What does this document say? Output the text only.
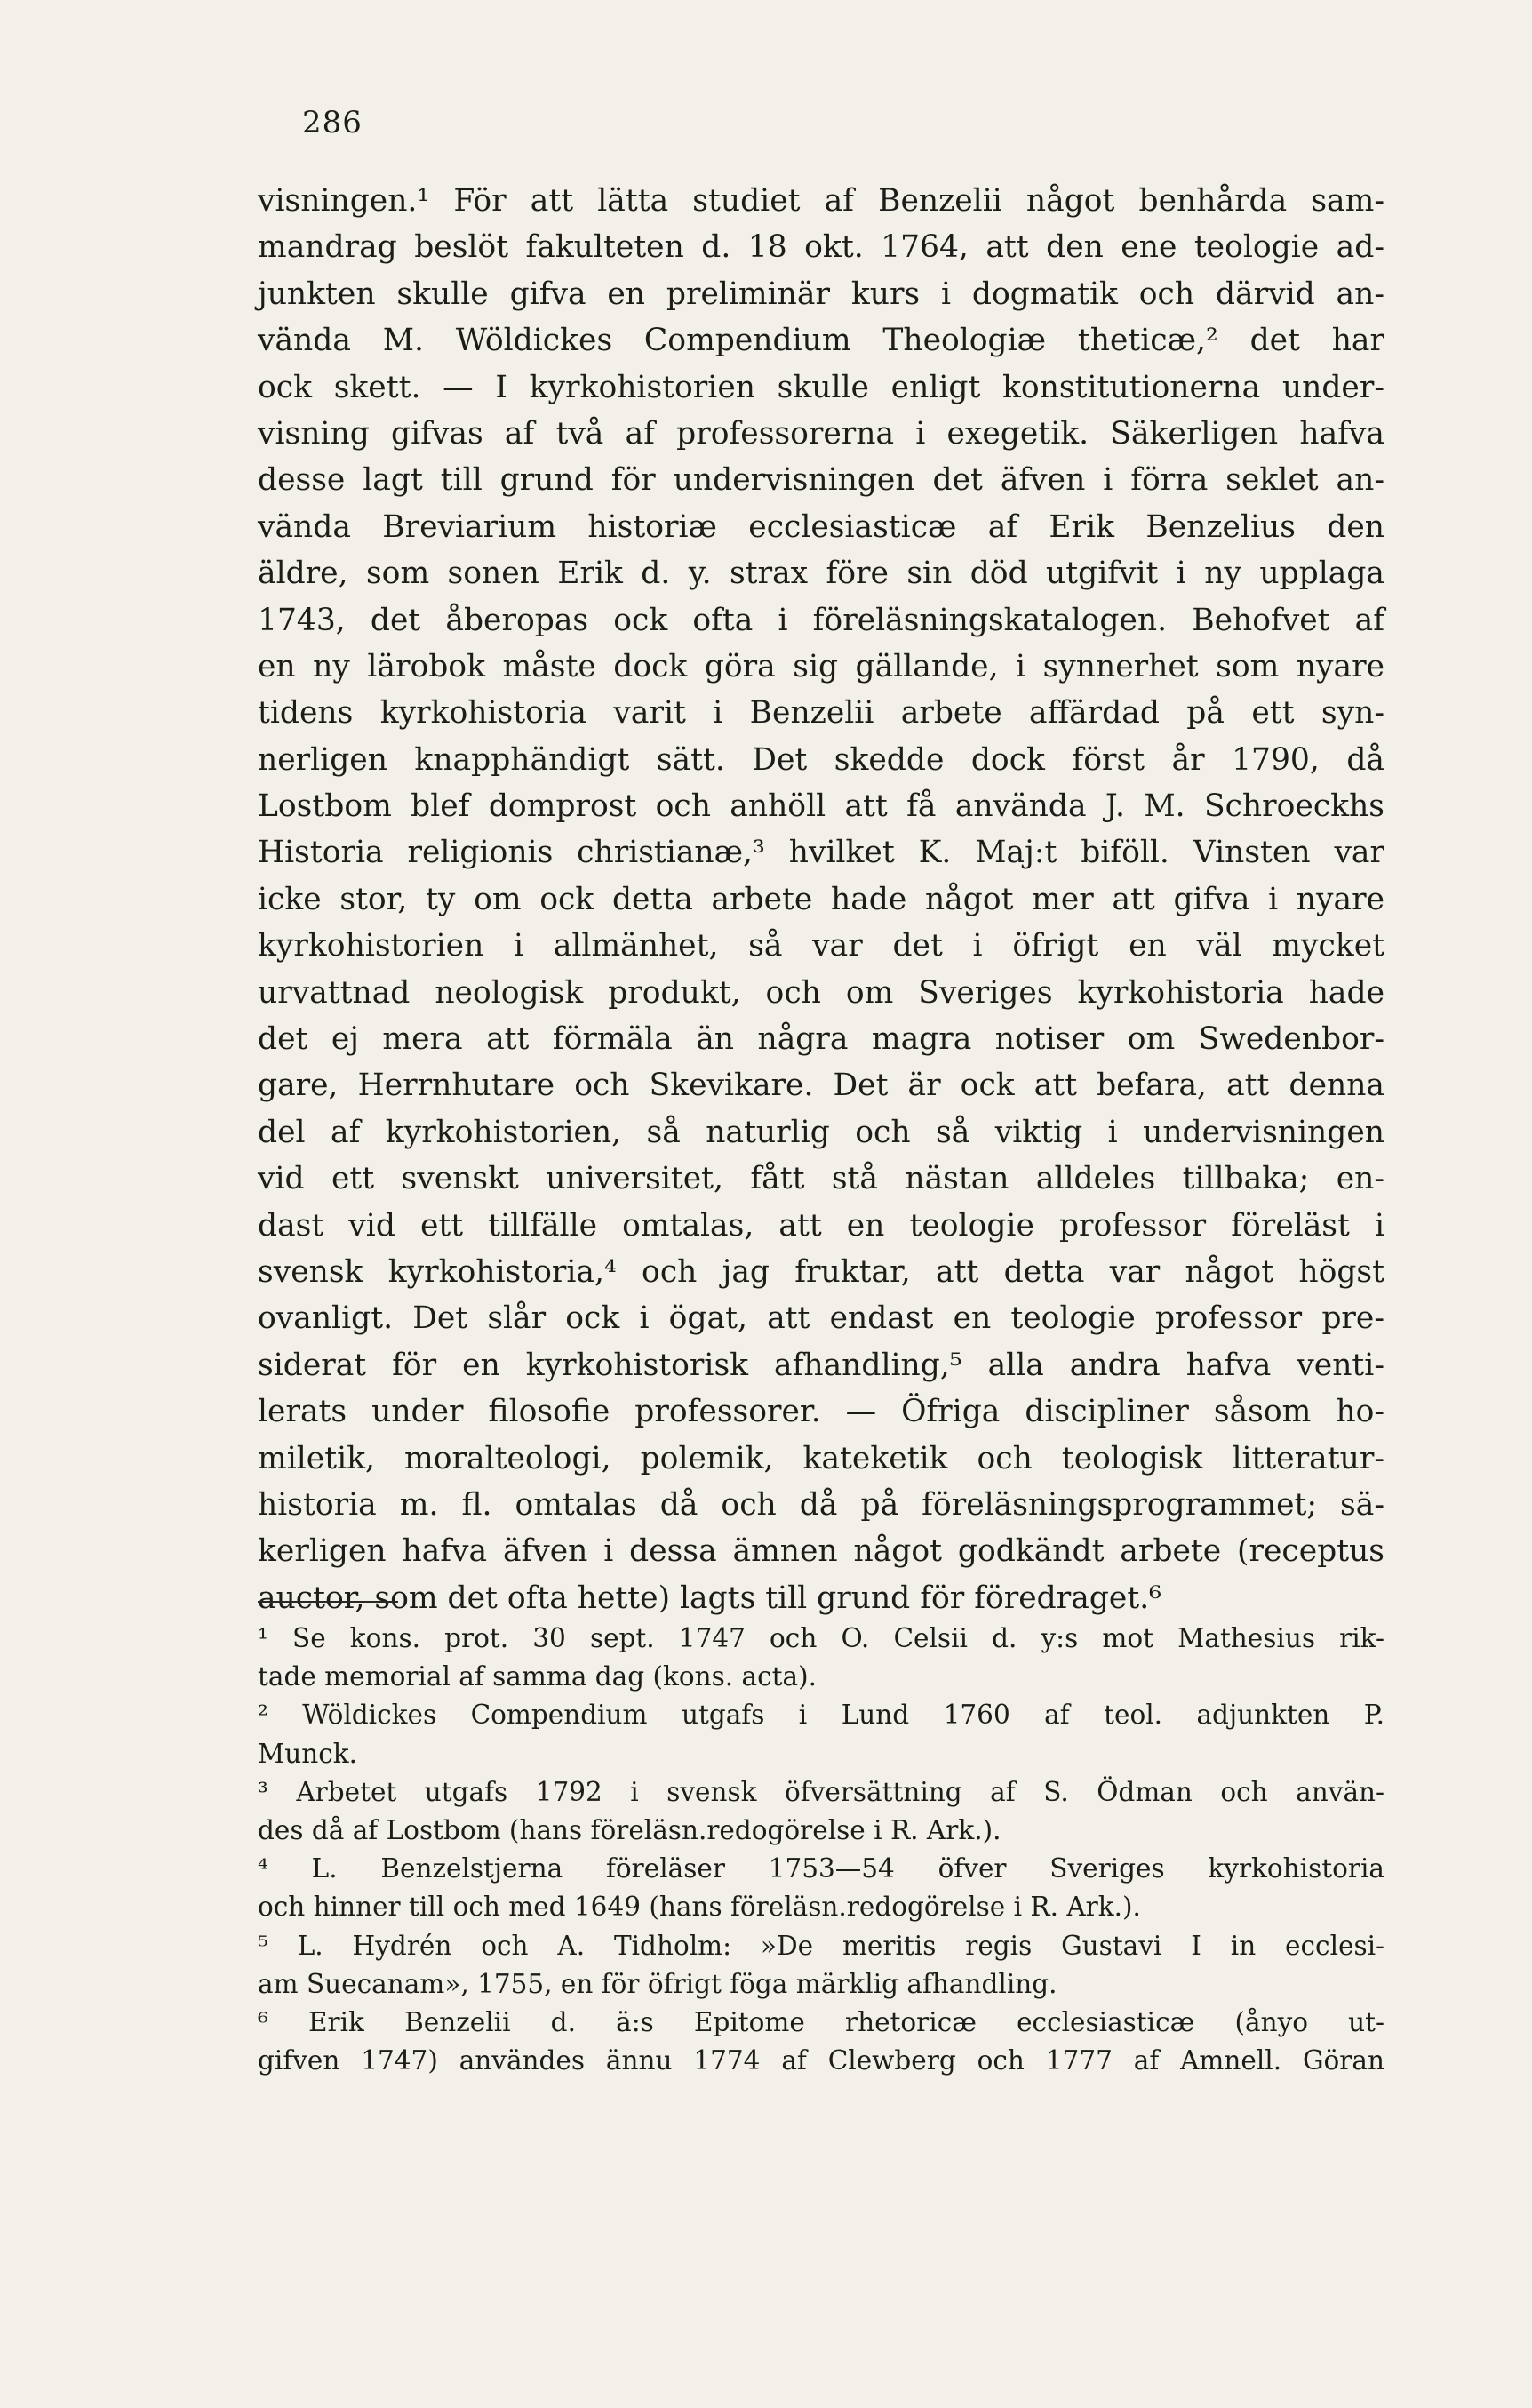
286
visningen.¹ För att lätta studiet af Benzelii något benhårda sam-
mandrag beslöt fakulteten d. 18 okt. 1764, att den ene teologie ad-
junkten skulle gifva en preliminär kurs i dogmatik och därvid an-
vända M. Wöldickes Compendium Theologiæ theticæ,² det har
ock skett. — I kyrkohistorien skulle enligt konstitutionerna under-
visning gifvas af två af professorerna i exegetik. Säkerligen hafva
desse lagt till grund för undervisningen det äfven i förra seklet an-
vända Breviarium historiæ ecclesiasticæ af Erik Benzelius den
äldre, som sonen Erik d. y. strax före sin död utgifvit i ny upplaga
1743, det åberopas ock ofta i föreläsningskatalogen. Behofvet af
en ny lärobok måste dock göra sig gällande, i synnerhet som nyare
tidens kyrkohistoria varit i Benzelii arbete affärdad på ett syn-
nerligen knapphändigt sätt. Det skedde dock först år 1790, då
Lostbom blef domprost och anhöll att få använda J. M. Schroeckhs
Historia religionis christianæ,³ hvilket K. Maj:t biföll. Vinsten var
icke stor, ty om ock detta arbete hade något mer att gifva i nyare
kyrkohistorien i allmänhet, så var det i öfrigt en väl mycket
urvattnad neologisk produkt, och om Sveriges kyrkohistoria hade
det ej mera att förmäla än några magra notiser om Swedenbor-
gare, Herrnhutare och Skevikare. Det är ock att befara, att denna
del af kyrkohistorien, så naturlig och så viktig i undervisningen
vid ett svenskt universitet, fått stå nästan alldeles tillbaka; en-
dast vid ett tillfälle omtalas, att en teologie professor föreläst i
svensk kyrkohistoria,⁴ och jag fruktar, att detta var något högst
ovanligt. Det slår ock i ögat, att endast en teologie professor pre-
siderat för en kyrkohistorisk afhandling,⁵ alla andra hafva venti-
lerats under filosofie professorer. — Öfriga discipliner såsom ho-
miletik, moralteologi, polemik, kateketik och teologisk litteratur-
historia m. fl. omtalas då och då på föreläsningsprogrammet; sä-
kerligen hafva äfven i dessa ämnen något godkändt arbete (receptus
auctor, som det ofta hette) lagts till grund för föredraget.⁶
¹ Se kons. prot. 30 sept. 1747 och O. Celsii d. y:s mot Mathesius rik-
tade memorial af samma dag (kons. acta).
² Wöldickes Compendium utgafs i Lund 1760 af teol. adjunkten P.
Munck.
³ Arbetet utgafs 1792 i svensk öfversättning af S. Ödman och använ-
des då af Lostbom (hans föreläsn.redogörelse i R. Ark.).
⁴ L. Benzelstjerna föreläser 1753—54 öfver Sveriges kyrkohistoria
och hinner till och med 1649 (hans föreläsn.redogörelse i R. Ark.).
⁵ L. Hydrén och A. Tidholm: »De meritis regis Gustavi I in ecclesi-
am Suecanam», 1755, en för öfrigt föga märklig afhandling.
⁶ Erik Benzelii d. ä:s Epitome rhetoricæ ecclesiasticæ (ånyo ut-
gifven 1747) användes ännu 1774 af Clewberg och 1777 af Amnell. Göran
